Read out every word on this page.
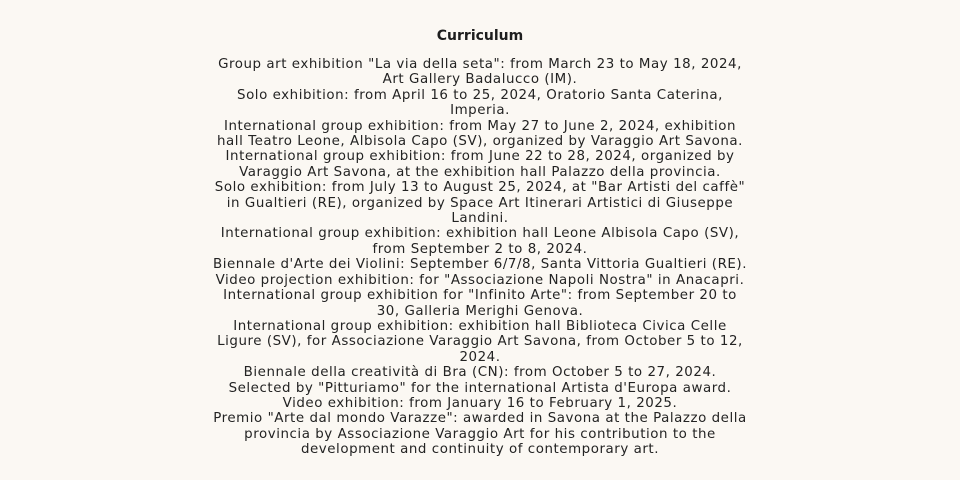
Curriculum
Group art exhibition "La via della seta": from March 23 to May 18, 2024,
Art Gallery Badalucco (IM).
Solo exhibition: from April 16 to 25, 2024, Oratorio Santa Caterina,
Imperia.
International group exhibition: from May 27 to June 2, 2024, exhibition
hall Teatro Leone, Albisola Capo (SV), organized by Varaggio Art Savona.
International group exhibition: from June 22 to 28, 2024, organized by
Varaggio Art Savona, at the exhibition hall Palazzo della provincia.
Solo exhibition: from July 13 to August 25, 2024, at "Bar Artisti del caffè"
in Gualtieri (RE), organized by Space Art Itinerari Artistici di Giuseppe
Landini.
International group exhibition: exhibition hall Leone Albisola Capo (SV),
from September 2 to 8, 2024.
Biennale d'Arte dei Violini: September 6/7/8, Santa Vittoria Gualtieri (RE).
Video projection exhibition: for "Associazione Napoli Nostra" in Anacapri.
International group exhibition for "Infinito Arte": from September 20 to
30, Galleria Merighi Genova.
International group exhibition: exhibition hall Biblioteca Civica Celle
Ligure (SV), for Associazione Varaggio Art Savona, from October 5 to 12,
2024.
Biennale della creatività di Bra (CN): from October 5 to 27, 2024.
Selected by "Pitturiamo" for the international Artista d'Europa award.
Video exhibition: from January 16 to February 1, 2025.
Premio "Arte dal mondo Varazze": awarded in Savona at the Palazzo della
provincia by Associazione Varaggio Art for his contribution to the
development and continuity of contemporary art.
